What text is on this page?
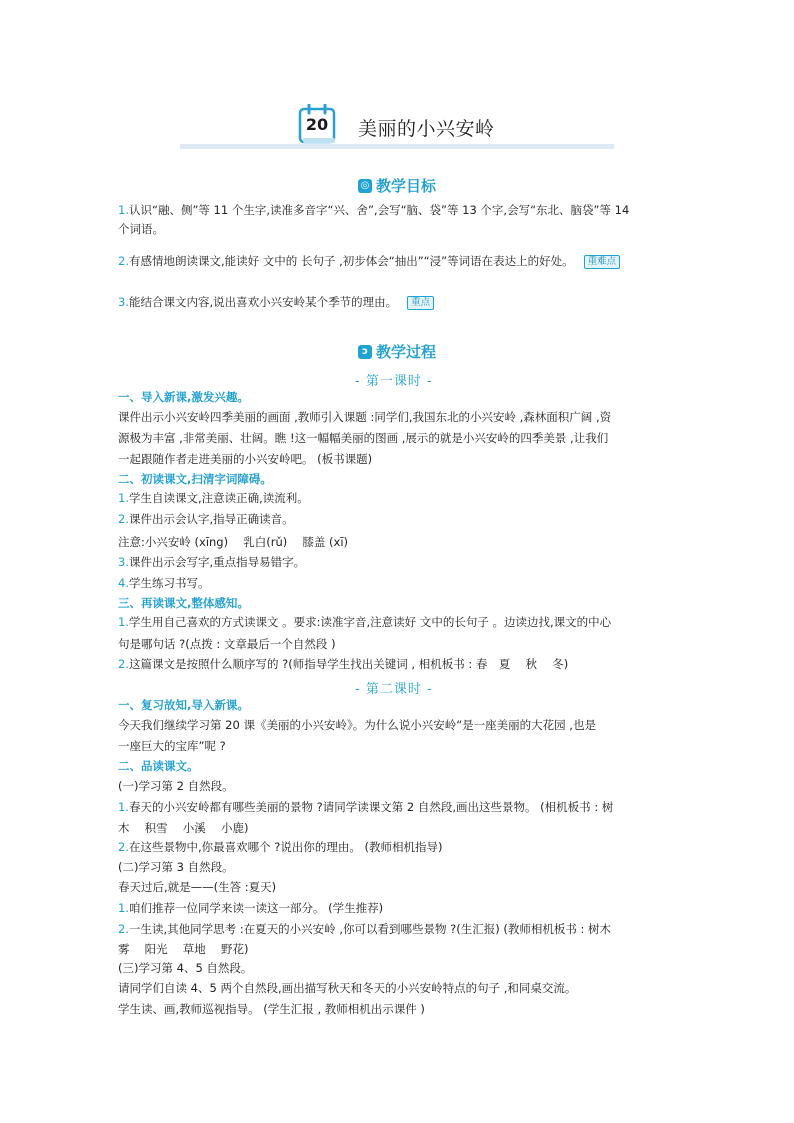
20	美丽的小兴安岭
◎ 教学目标
1.认识“融、侧”等 11 个生字,读准多音字“兴、舍”,会写“脑、袋”等 13 个字,会写“东北、脑袋”等 14
个词语。
2.有感情地朗读课文,能读好 文中的 长句子 ,初步体会“抽出”“浸”等词语在表达上的好处。 重难点
3.能结合课文内容,说出喜欢小兴安岭某个季节的理由。 重点
ↄ 教学过程
- 第一课时 -
一、导入新课,激发兴趣。
课件出示小兴安岭四季美丽的画面 ,教师引入课题 :同学们,我国东北的小兴安岭 ,森林面积广阔 ,资
源极为丰富 ,非常美丽、壮阔。瞧 !这一幅幅美丽的图画 ,展示的就是小兴安岭的四季美景 ,让我们
一起跟随作者走进美丽的小兴安岭吧。 (板书课题)
二、初读课文,扫清字词障碍。
1.学生自读课文,注意读正确,读流利。
2.课件出示会认字,指导正确读音。
注意:小兴安岭 (xīng)　 乳白(rǔ)　 膝盖 (xī)
3.课件出示会写字,重点指导易错字。
4.学生练习书写。
三、再读课文,整体感知。
1.学生用自己喜欢的方式读课文 。要求:读准字音,注意读好 文中的长句子 。边读边找,课文的中心
句是哪句话 ?(点拨 : 文章最后一个自然段 )
2.这篇课文是按照什么顺序写的 ?(师指导学生找出关键词 , 相机板书 : 春　夏　 秋　 冬)
- 第二课时 -
一、复习故知,导入新课。
今天我们继续学习第 20 课《美丽的小兴安岭》。为什么说小兴安岭“是一座美丽的大花园 ,也是
一座巨大的宝库”呢 ?
二、品读课文。
(一)学习第 2 自然段。
1.春天的小兴安岭都有哪些美丽的景物 ?请同学读课文第 2 自然段,画出这些景物。 (相机板书 : 树
木　 积雪　 小溪　 小鹿)
2.在这些景物中,你最喜欢哪个 ?说出你的理由。 (教师相机指导)
(二)学习第 3 自然段。
春天过后,就是——(生答 :夏天)
1.咱们推荐一位同学来读一读这一部分。 (学生推荐)
2.一生读,其他同学思考 :在夏天的小兴安岭 ,你可以看到哪些景物 ?(生汇报) (教师相机板书 : 树木
雾　 阳光　 草地　 野花)
(三)学习第 4、5 自然段。
请同学们自读 4、5 两个自然段,画出描写秋天和冬天的小兴安岭特点的句子 ,和同桌交流。
学生读、画,教师巡视指导。 (学生汇报 , 教师相机出示课件 )
